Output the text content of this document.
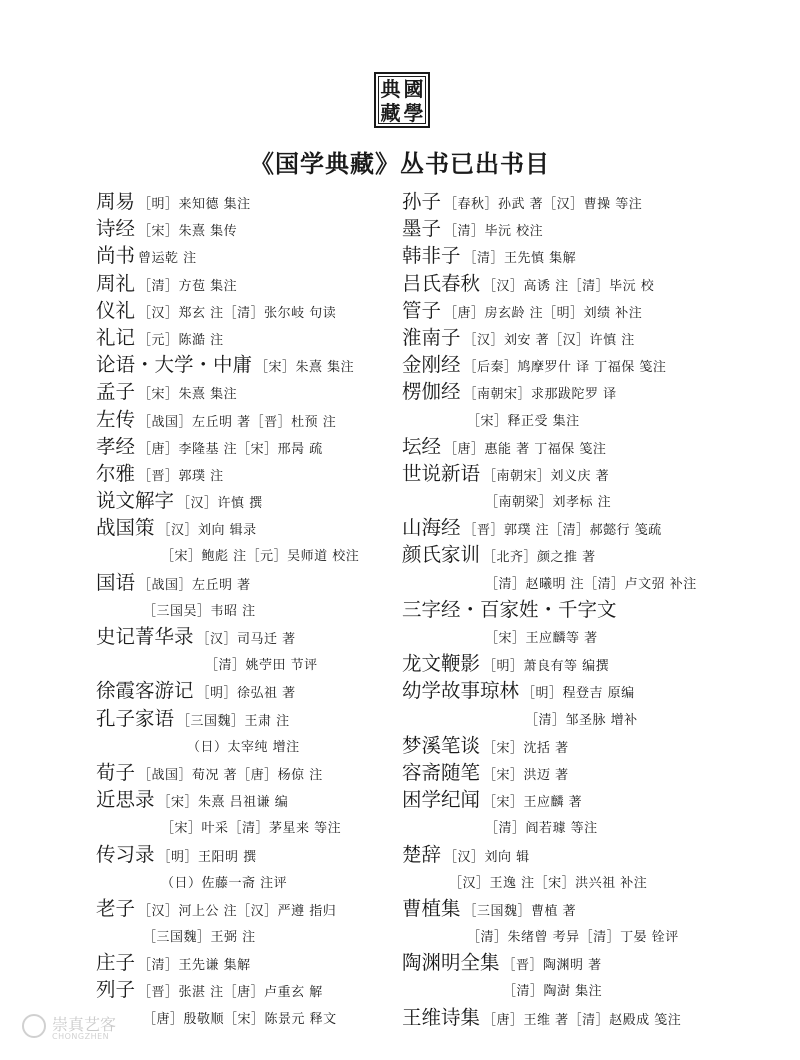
典 國
藏 學
《国学典藏》丛书已出书目
周易 ［明］来知德 集注
诗经 ［宋］朱熹 集传
尚书 曾运乾 注
周礼 ［清］方苞 集注
仪礼 ［汉］郑玄 注［清］张尔岐 句读
礼记 ［元］陈澔 注
论语・大学・中庸 ［宋］朱熹 集注
孟子 ［宋］朱熹 集注
左传 ［战国］左丘明 著［晋］杜预 注
孝经 ［唐］李隆基 注［宋］邢昺 疏
尔雅 ［晋］郭璞 注
说文解字 ［汉］许慎 撰
战国策 ［汉］刘向 辑录
［宋］鲍彪 注［元］吴师道 校注
国语 ［战国］左丘明 著
［三国吴］韦昭 注
史记菁华录 ［汉］司马迁 著
［清］姚苧田 节评
徐霞客游记 ［明］徐弘祖 著
孔子家语 ［三国魏］王肃 注
（日）太宰纯 增注
荀子 ［战国］荀况 著［唐］杨倞 注
近思录 ［宋］朱熹 吕祖谦 编
［宋］叶采［清］茅星来 等注
传习录 ［明］王阳明 撰
（日）佐藤一斋 注评
老子 ［汉］河上公 注［汉］严遵 指归
［三国魏］王弼 注
庄子 ［清］王先谦 集解
列子 ［晋］张湛 注［唐］卢重玄 解
［唐］殷敬顺［宋］陈景元 释文
孙子 ［春秋］孙武 著［汉］曹操 等注
墨子 ［清］毕沅 校注
韩非子 ［清］王先慎 集解
吕氏春秋 ［汉］高诱 注［清］毕沅 校
管子 ［唐］房玄龄 注［明］刘绩 补注
淮南子 ［汉］刘安 著［汉］许慎 注
金刚经 ［后秦］鸠摩罗什 译 丁福保 笺注
楞伽经 ［南朝宋］求那跋陀罗 译
［宋］释正受 集注
坛经 ［唐］惠能 著 丁福保 笺注
世说新语 ［南朝宋］刘义庆 著
［南朝梁］刘孝标 注
山海经 ［晋］郭璞 注［清］郝懿行 笺疏
颜氏家训 ［北齐］颜之推 著
［清］赵曦明 注［清］卢文弨 补注
三字经・百家姓・千字文
［宋］王应麟等 著
龙文鞭影 ［明］萧良有等 编撰
幼学故事琼林 ［明］程登吉 原编
［清］邹圣脉 增补
梦溪笔谈 ［宋］沈括 著
容斋随笔 ［宋］洪迈 著
困学纪闻 ［宋］王应麟 著
［清］阎若璩 等注
楚辞 ［汉］刘向 辑
［汉］王逸 注［宋］洪兴祖 补注
曹植集 ［三国魏］曹植 著
［清］朱绪曾 考异［清］丁晏 铨评
陶渊明全集 ［晋］陶渊明 著
［清］陶澍 集注
王维诗集 ［唐］王维 著［清］赵殿成 笺注
崇真艺客
CHONGZHEN
